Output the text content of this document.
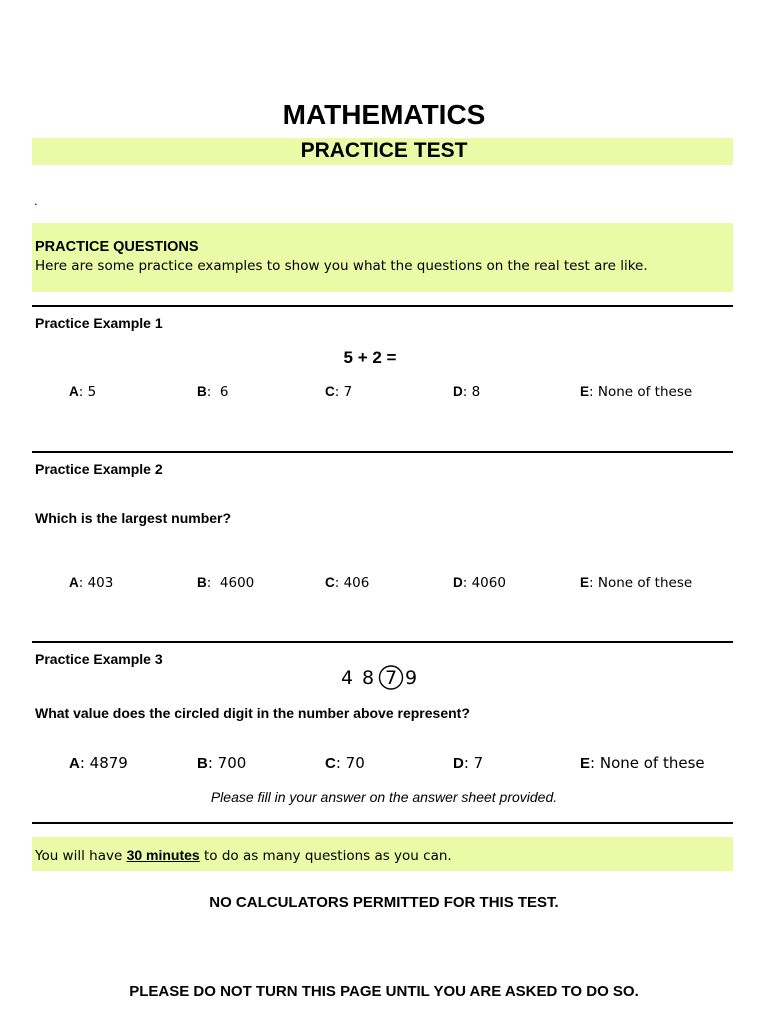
MATHEMATICS
PRACTICE TEST
.
PRACTICE QUESTIONS
Here are some practice examples to show you what the questions on the real test are like.
Practice Example 1
5 + 2 =
A: 5	B:  6	C: 7	D: 8	E: None of these
Practice Example 2
Which is the largest number?
A: 403	B:  4600	C: 406	D: 4060	E: None of these
Practice Example 3
4 8 7 9
What value does the circled digit in the number above represent?
A: 4879	B: 700	C: 70	D: 7	E: None of these
Please fill in your answer on the answer sheet provided.
You will have 30 minutes to do as many questions as you can.
NO CALCULATORS PERMITTED FOR THIS TEST.
PLEASE DO NOT TURN THIS PAGE UNTIL YOU ARE ASKED TO DO SO.
